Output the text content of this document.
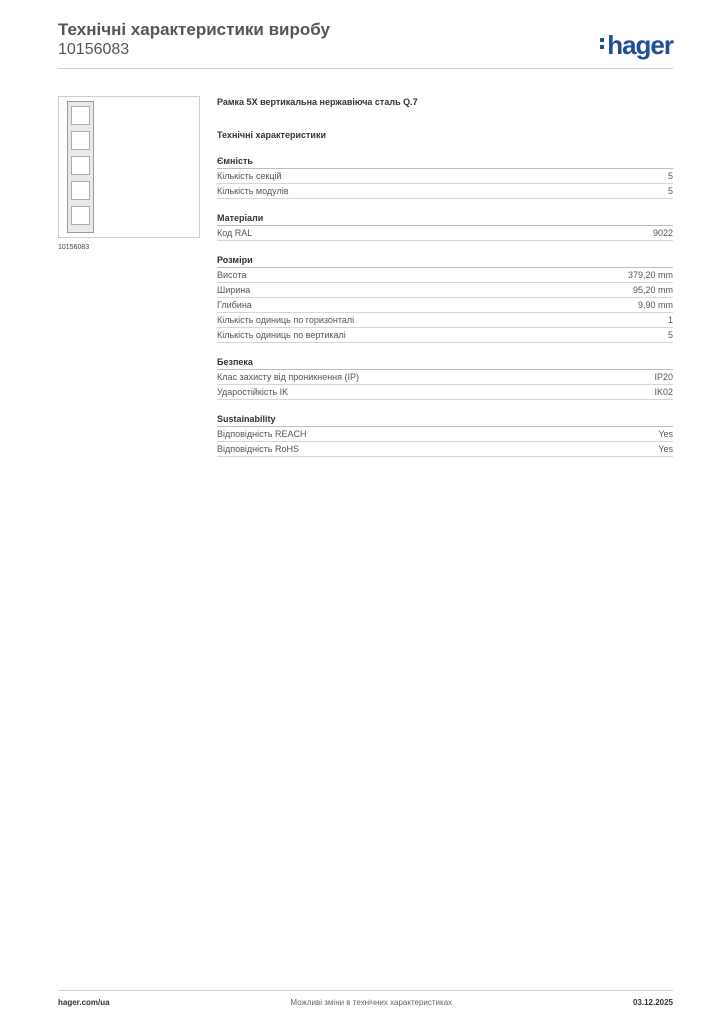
Технічні характеристики виробу
10156083	hager
10156083
Рамка 5X вертикальна нержавіюча сталь Q.7
Технічні характеристики
Ємність
Кількість секцій	5
Кількість модулів	5
Матеріали
Код RAL	9022
Розміри
Висота	379,20 mm
Ширина	95,20 mm
Глибина	9,90 mm
Кількість одиниць по горизонталі	1
Кількість одиниць по вертикалі	5
Безпека
Клас захисту від проникнення (IP)	IP20
Ударостійкість IK	IK02
Sustainability
Відповідність REACH	Yes
Відповідність RoHS	Yes
hager.com/ua	Можливі зміни в технічних характеристиках	03.12.2025
